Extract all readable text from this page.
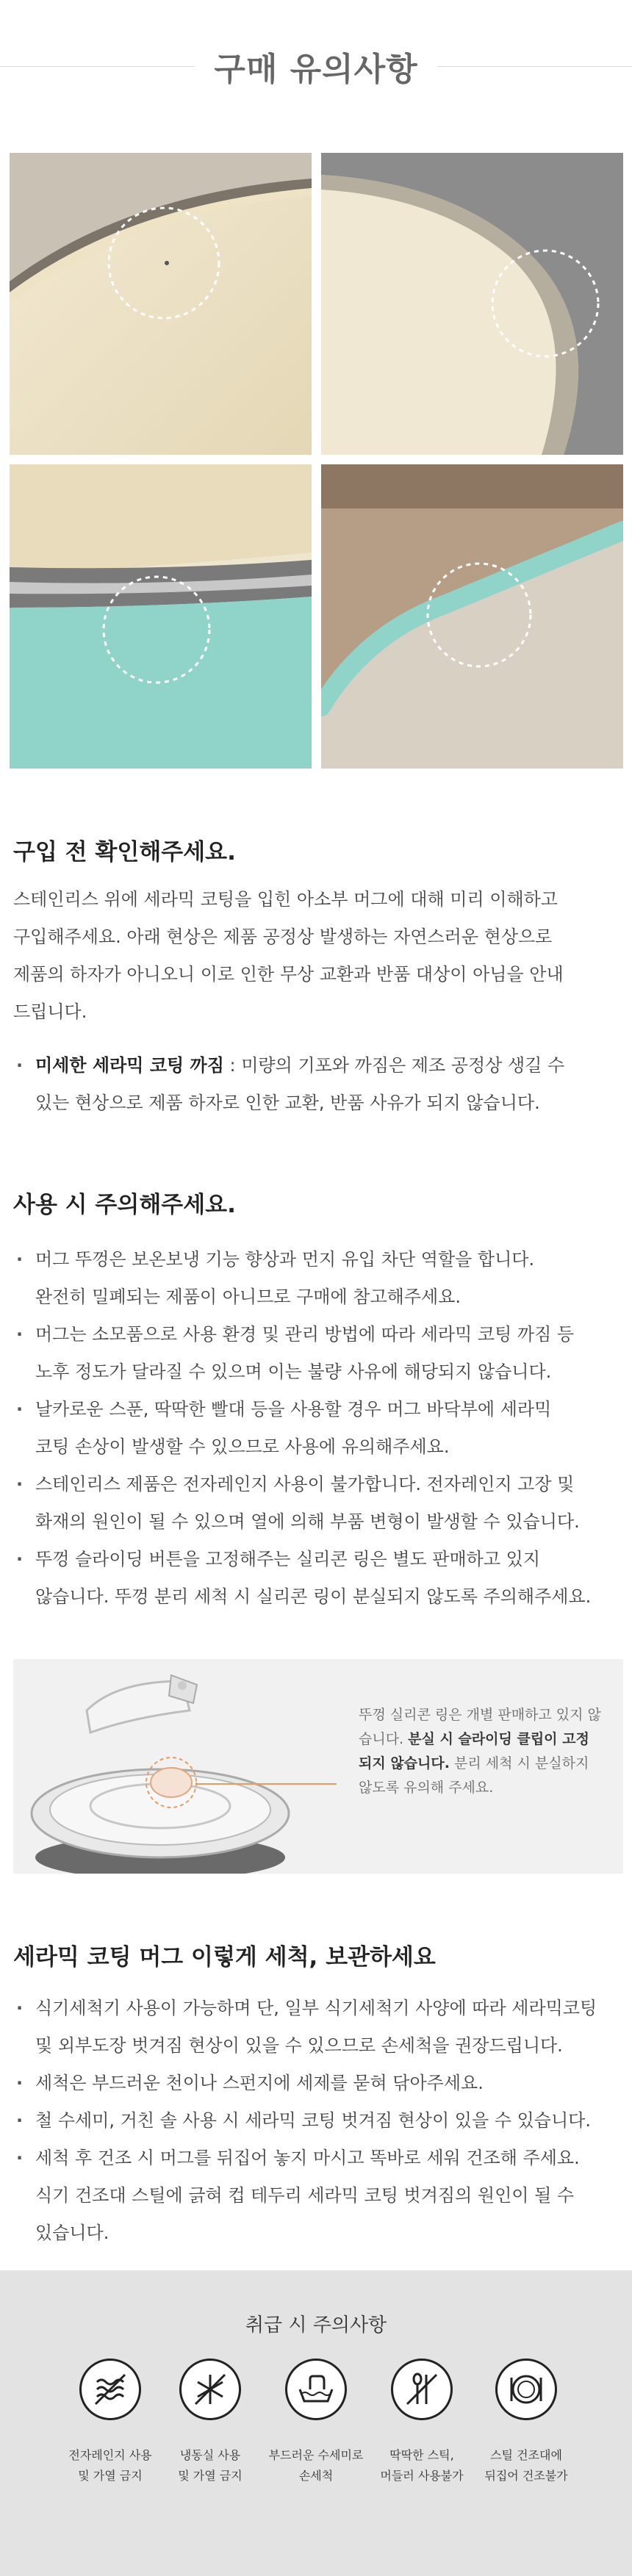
구매 유의사항
구입 전 확인해주세요.
스테인리스 위에 세라믹 코팅을 입힌 아소부 머그에 대해 미리 이해하고
구입해주세요. 아래 현상은 제품 공정상 발생하는 자연스러운 현상으로
제품의 하자가 아니오니 이로 인한 무상 교환과 반품 대상이 아님을 안내
드립니다.
· 미세한 세라믹 코팅 까짐 : 미량의 기포와 까짐은 제조 공정상 생길 수
있는 현상으로 제품 하자로 인한 교환, 반품 사유가 되지 않습니다.
사용 시 주의해주세요.
· 머그 뚜껑은 보온보냉 기능 향상과 먼지 유입 차단 역할을 합니다.
완전히 밀폐되는 제품이 아니므로 구매에 참고해주세요.
· 머그는 소모품으로 사용 환경 및 관리 방법에 따라 세라믹 코팅 까짐 등
노후 정도가 달라질 수 있으며 이는 불량 사유에 해당되지 않습니다.
· 날카로운 스푼, 딱딱한 빨대 등을 사용할 경우 머그 바닥부에 세라믹
코팅 손상이 발생할 수 있으므로 사용에 유의해주세요.
· 스테인리스 제품은 전자레인지 사용이 불가합니다. 전자레인지 고장 및
화재의 원인이 될 수 있으며 열에 의해 부품 변형이 발생할 수 있습니다.
· 뚜껑 슬라이딩 버튼을 고정해주는 실리콘 링은 별도 판매하고 있지
않습니다. 뚜껑 분리 세척 시 실리콘 링이 분실되지 않도록 주의해주세요.
뚜껑 실리콘 링은 개별 판매하고 있지 않습니다. 분실 시 슬라이딩 클립이 고정되지 않습니다. 분리 세척 시 분실하지 않도록 유의해 주세요.
세라믹 코팅 머그 이렇게 세척, 보관하세요
· 식기세척기 사용이 가능하며 단, 일부 식기세척기 사양에 따라 세라믹코팅
및 외부도장 벗겨짐 현상이 있을 수 있으므로 손세척을 권장드립니다.
· 세척은 부드러운 천이나 스펀지에 세제를 묻혀 닦아주세요.
· 철 수세미, 거친 솔 사용 시 세라믹 코팅 벗겨짐 현상이 있을 수 있습니다.
· 세척 후 건조 시 머그를 뒤집어 놓지 마시고 똑바로 세워 건조해 주세요.
식기 건조대 스틸에 긁혀 컵 테두리 세라믹 코팅 벗겨짐의 원인이 될 수
있습니다.
취급 시 주의사항
전자레인지 사용
및 가열 금지
냉동실 사용
및 가열 금지
부드러운 수세미로
손세척
딱딱한 스틱,
머들러 사용불가
스틸 건조대에
뒤집어 건조불가
